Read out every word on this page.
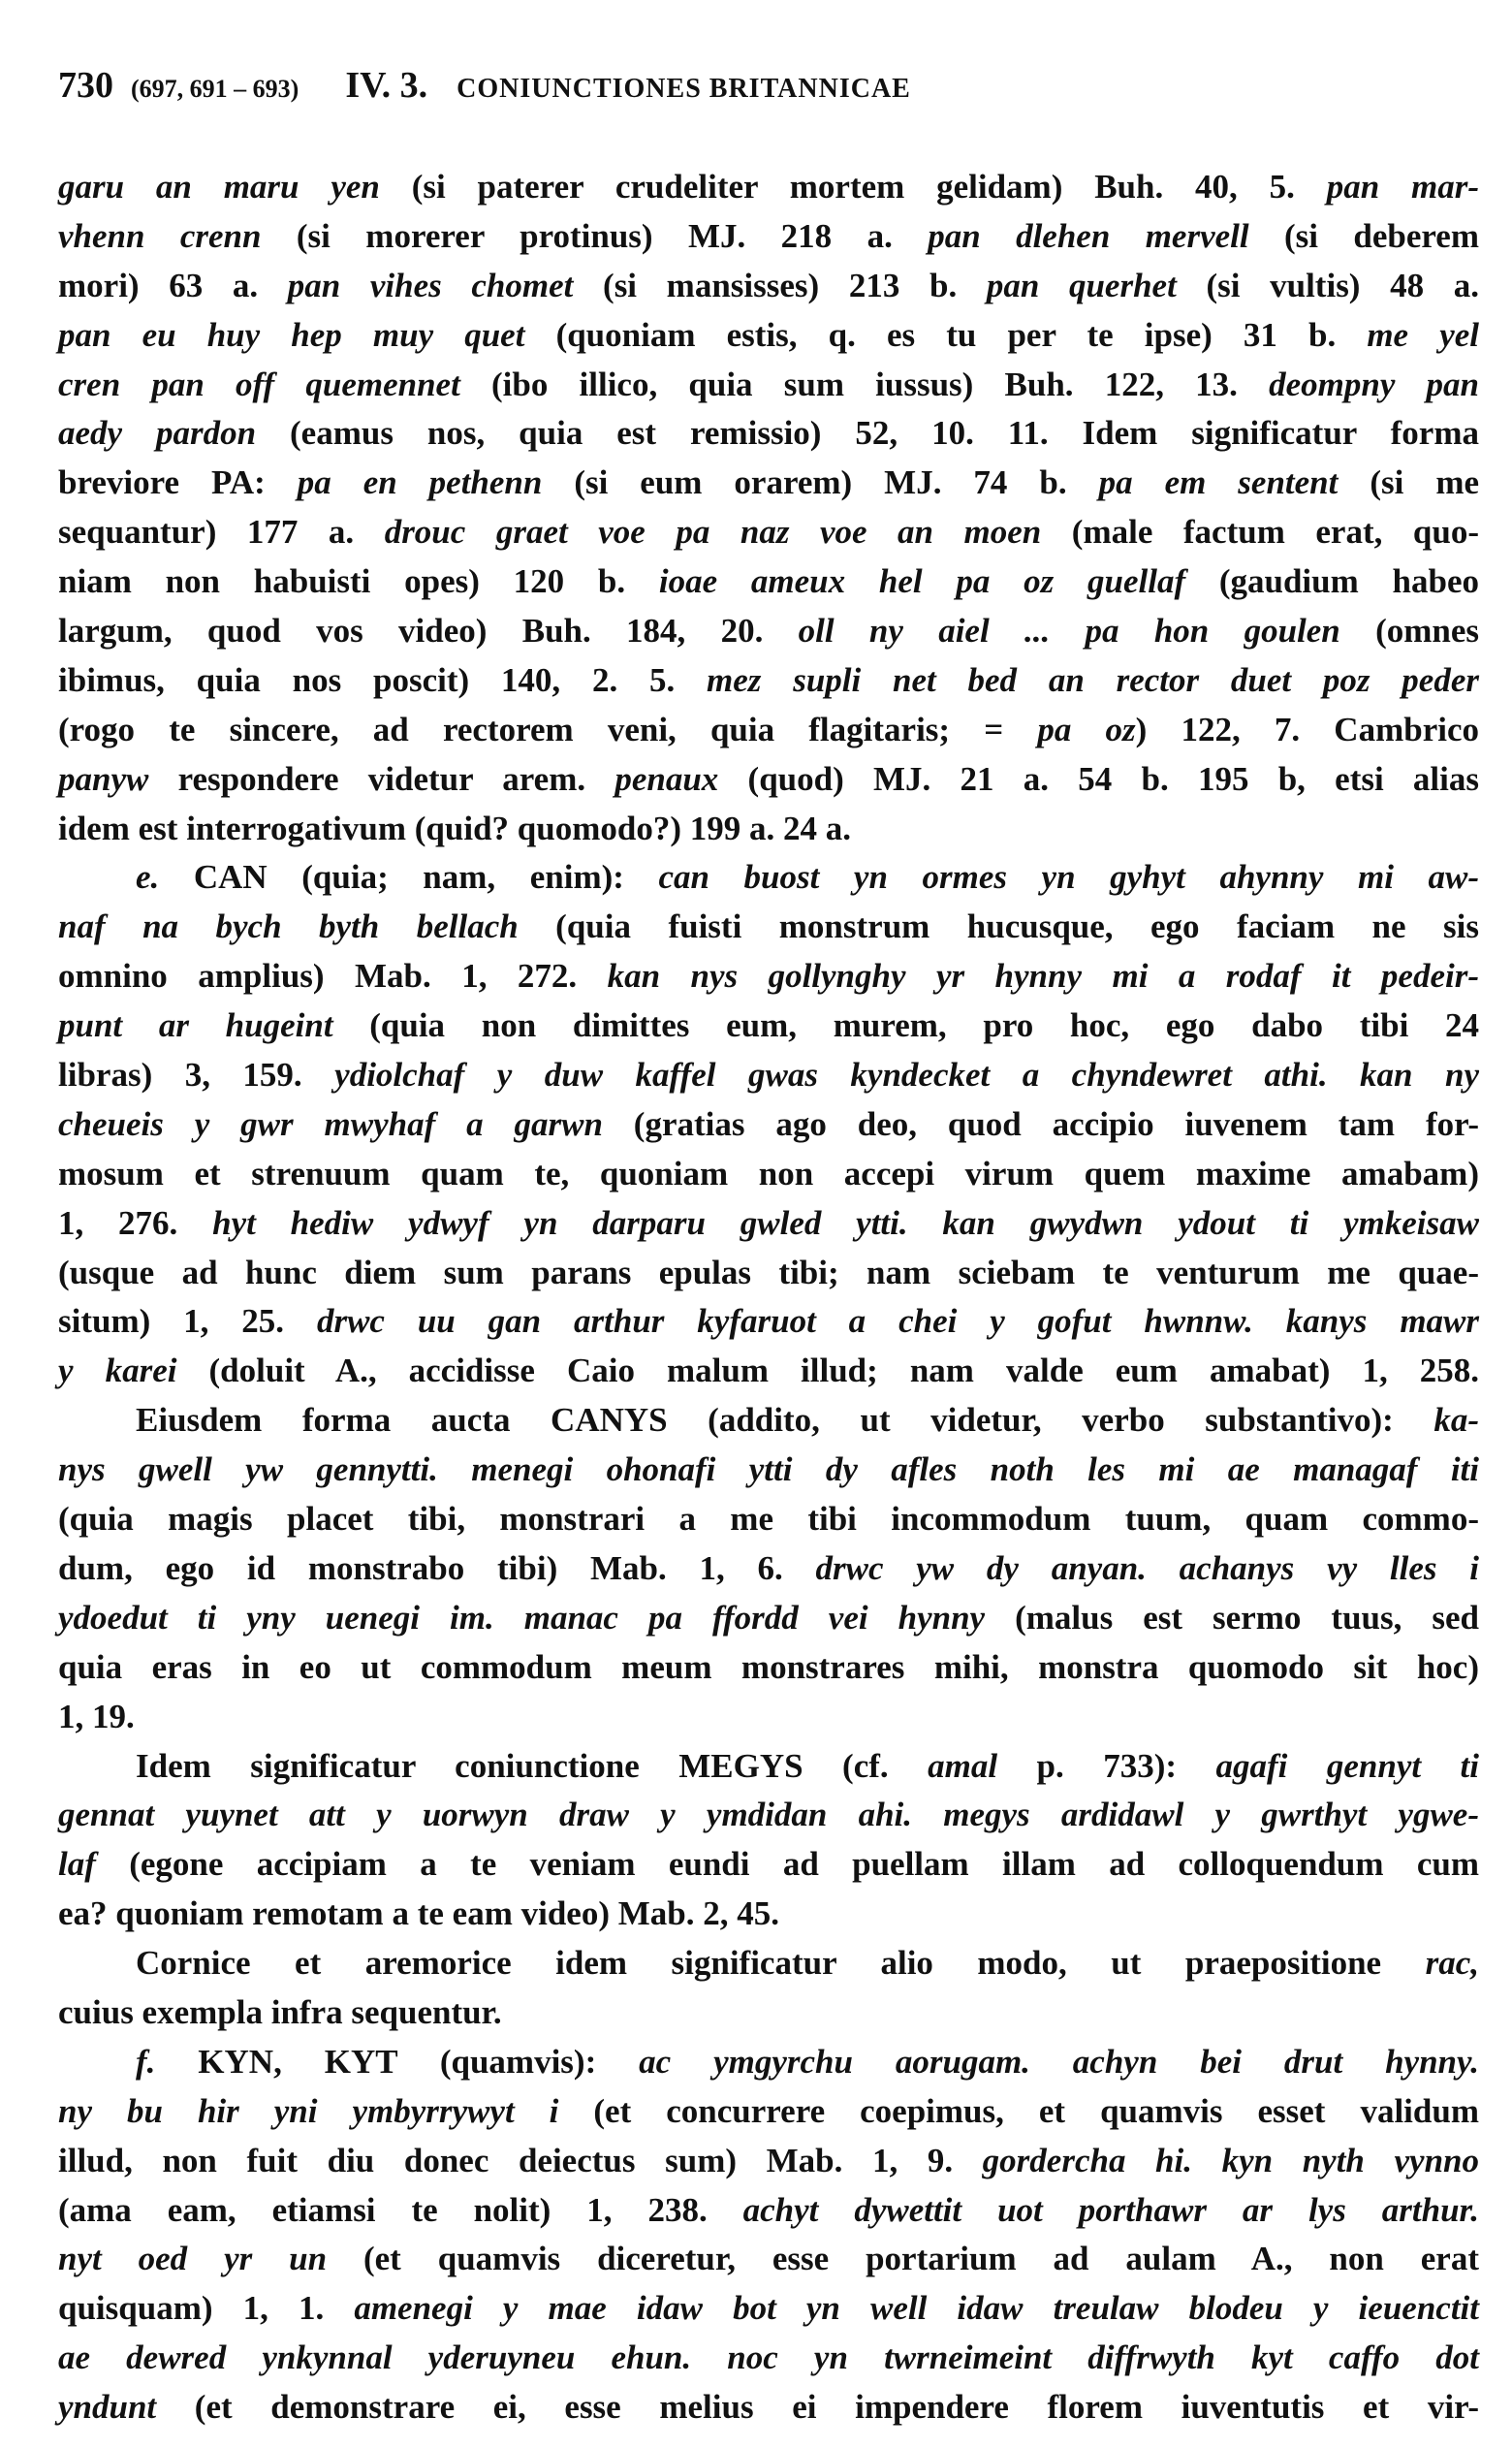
730 (697, 691 – 693) IV. 3. CONIUNCTIONES BRITANNICAE
garu an maru yen (si paterer crudeliter mortem gelidam) Buh. 40, 5. pan mar-
vhenn crenn (si morerer protinus) MJ. 218 a. pan dlehen mervell (si deberem
mori) 63 a. pan vihes chomet (si mansisses) 213 b. pan querhet (si vultis) 48 a.
pan eu huy hep muy quet (quoniam estis, q. es tu per te ipse) 31 b. me yel
cren pan off quemennet (ibo illico, quia sum iussus) Buh. 122, 13. deompny pan
aedy pardon (eamus nos, quia est remissio) 52, 10. 11. Idem significatur forma
breviore PA: pa en pethenn (si eum orarem) MJ. 74 b. pa em sentent (si me
sequantur) 177 a. drouc graet voe pa naz voe an moen (male factum erat, quo-
niam non habuisti opes) 120 b. ioae ameux hel pa oz guellaf (gaudium habeo
largum, quod vos video) Buh. 184, 20. oll ny aiel ... pa hon goulen (omnes
ibimus, quia nos poscit) 140, 2. 5. mez supli net bed an rector duet poz peder
(rogo te sincere, ad rectorem veni, quia flagitaris; = pa oz) 122, 7. Cambrico
panyw respondere videtur arem. penaux (quod) MJ. 21 a. 54 b. 195 b, etsi alias
idem est interrogativum (quid? quomodo?) 199 a. 24 a.
e. CAN (quia; nam, enim): can buost yn ormes yn gyhyt ahynny mi aw-
naf na bych byth bellach (quia fuisti monstrum hucusque, ego faciam ne sis
omnino amplius) Mab. 1, 272. kan nys gollynghy yr hynny mi a rodaf it pedeir-
punt ar hugeint (quia non dimittes eum, murem, pro hoc, ego dabo tibi 24
libras) 3, 159. ydiolchaf y duw kaffel gwas kyndecket a chyndewret athi. kan ny
cheueis y gwr mwyhaf a garwn (gratias ago deo, quod accipio iuvenem tam for-
mosum et strenuum quam te, quoniam non accepi virum quem maxime amabam)
1, 276. hyt hediw ydwyf yn darparu gwled ytti. kan gwydwn ydout ti ymkeisaw
(usque ad hunc diem sum parans epulas tibi; nam sciebam te venturum me quae-
situm) 1, 25. drwc uu gan arthur kyfaruot a chei y gofut hwnnw. kanys mawr
y karei (doluit A., accidisse Caio malum illud; nam valde eum amabat) 1, 258.
Eiusdem forma aucta CANYS (addito, ut videtur, verbo substantivo): ka-
nys gwell yw gennytti. menegi ohonafi ytti dy afles noth les mi ae managaf iti
(quia magis placet tibi, monstrari a me tibi incommodum tuum, quam commo-
dum, ego id monstrabo tibi) Mab. 1, 6. drwc yw dy anyan. achanys vy lles i
ydoedut ti yny uenegi im. manac pa ffordd vei hynny (malus est sermo tuus, sed
quia eras in eo ut commodum meum monstrares mihi, monstra quomodo sit hoc)
1, 19.
Idem significatur coniunctione MEGYS (cf. amal p. 733): agafi gennyt ti
gennat yuynet att y uorwyn draw y ymdidan ahi. megys ardidawl y gwrthyt ygwe-
laf (egone accipiam a te veniam eundi ad puellam illam ad colloquendum cum
ea? quoniam remotam a te eam video) Mab. 2, 45.
Cornice et aremorice idem significatur alio modo, ut praepositione rac,
cuius exempla infra sequentur.
f. KYN, KYT (quamvis): ac ymgyrchu aorugam. achyn bei drut hynny.
ny bu hir yni ymbyrrywyt i (et concurrere coepimus, et quamvis esset validum
illud, non fuit diu donec deiectus sum) Mab. 1, 9. gordercha hi. kyn nyth vynno
(ama eam, etiamsi te nolit) 1, 238. achyt dywettit uot porthawr ar lys arthur.
nyt oed yr un (et quamvis diceretur, esse portarium ad aulam A., non erat
quisquam) 1, 1. amenegi y mae idaw bot yn well idaw treulaw blodeu y ieuenctit
ae dewred ynkynnal yderuyneu ehun. noc yn twrneimeint diffrwyth kyt caffo dot
yndunt (et demonstrare ei, esse melius ei impendere florem iuventutis et vir-
